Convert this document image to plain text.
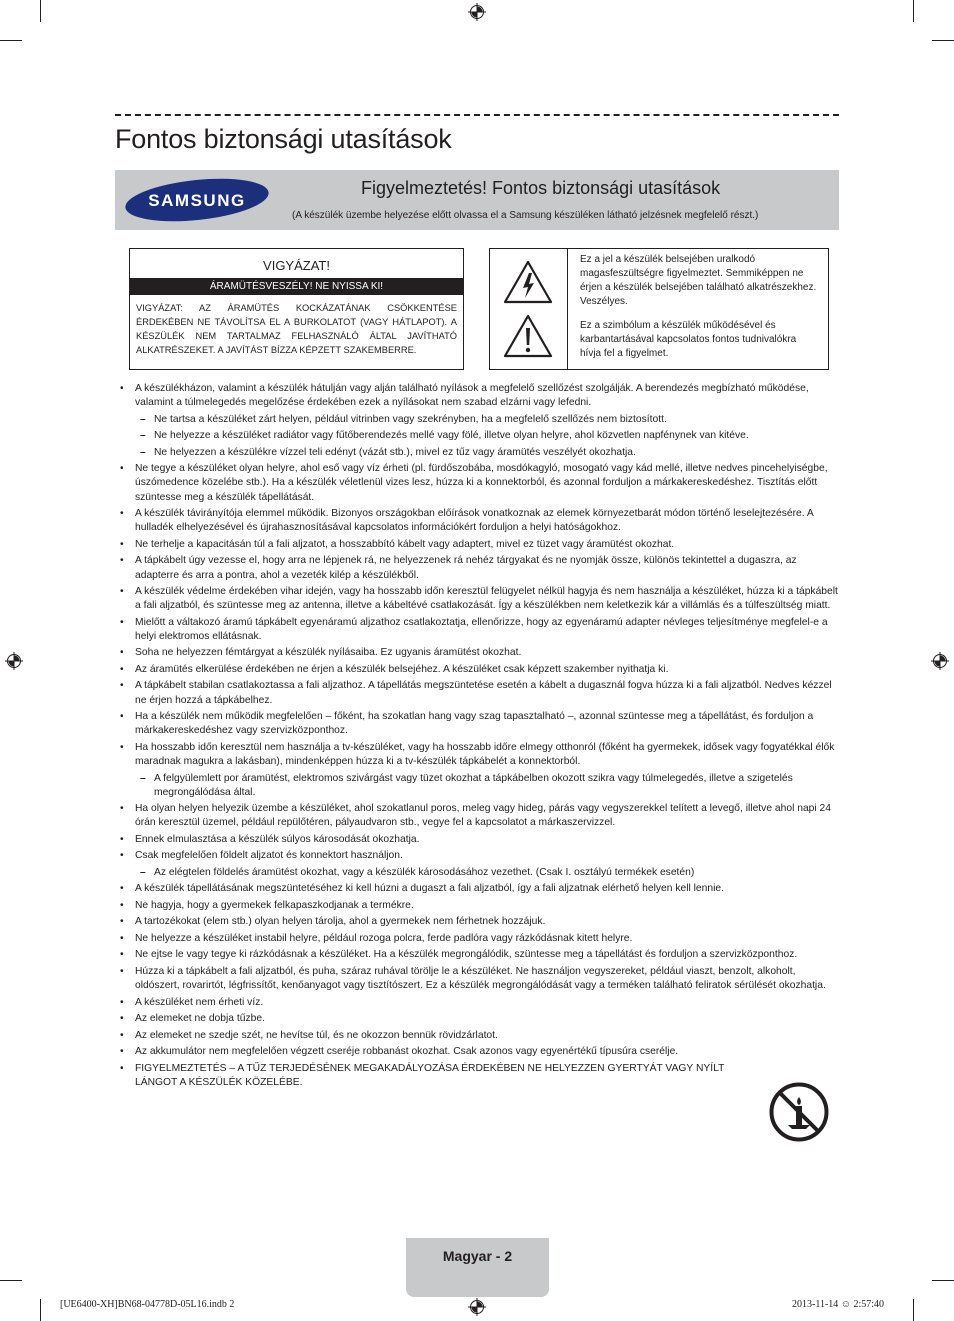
Fontos biztonsági utasítások
SAMSUNG
Figyelmeztetés! Fontos biztonsági utasítások
(A készülék üzembe helyezése előtt olvassa el a Samsung készüléken látható jelzésnek megfelelő részt.)
VIGYÁZAT!
ÁRAMÜTÉSVESZÉLY! NE NYISSA KI!
VIGYÁZAT: AZ ÁRAMÜTÉS KOCKÁZATÁNAK CSÖKKENTÉSE ÉRDEKÉBEN NE TÁVOLÍTSA EL A BURKOLATOT (VAGY HÁTLAPOT). A KÉSZÜLÉK NEM TARTALMAZ FELHASZNÁLÓ ÁLTAL JAVÍTHATÓ ALKATRÉSZEKET. A JAVÍTÁST BÍZZA KÉPZETT SZAKEMBERRE.
Ez a jel a készülék belsejében uralkodó magasfeszültségre figyelmeztet. Semmiképpen ne érjen a készülék belsejében található alkatrészekhez. Veszélyes.
Ez a szimbólum a készülék működésével és karbantartásával kapcsolatos fontos tudnivalókra hívja fel a figyelmet.
• A készülékházon, valamint a készülék hátulján vagy alján található nyílások a megfelelő szellőzést szolgálják. A berendezés megbízható működése, valamint a túlmelegedés megelőzése érdekében ezek a nyílásokat nem szabad elzárni vagy lefedni.
– Ne tartsa a készüléket zárt helyen, például vitrinben vagy szekrényben, ha a megfelelő szellőzés nem biztosított.
– Ne helyezze a készüléket radiátor vagy fűtőberendezés mellé vagy fölé, illetve olyan helyre, ahol közvetlen napfénynek van kitéve.
– Ne helyezzen a készülékre vízzel teli edényt (vázát stb.), mivel ez tűz vagy áramütés veszélyét okozhatja.
• Ne tegye a készüléket olyan helyre, ahol eső vagy víz érheti (pl. fürdőszobába, mosdókagyló, mosogató vagy kád mellé, illetve nedves pincehelyiségbe, úszómedence közelébe stb.). Ha a készülék véletlenül vizes lesz, húzza ki a konnektorból, és azonnal forduljon a márkakereskedéshez. Tisztítás előtt szüntesse meg a készülék tápellátását.
• A készülék távirányítója elemmel működik. Bizonyos országokban előírások vonatkoznak az elemek környezetbarát módon történő leselejtezésére. A hulladék elhelyezésével és újrahasznosításával kapcsolatos információkért forduljon a helyi hatóságokhoz.
• Ne terhelje a kapacitásán túl a fali aljzatot, a hosszabbító kábelt vagy adaptert, mivel ez tüzet vagy áramütést okozhat.
• A tápkábelt úgy vezesse el, hogy arra ne lépjenek rá, ne helyezzenek rá nehéz tárgyakat és ne nyomják össze, különös tekintettel a dugaszra, az adapterre és arra a pontra, ahol a vezeték kilép a készülékből.
• A készülék védelme érdekében vihar idején, vagy ha hosszabb időn keresztül felügyelet nélkül hagyja és nem használja a készüléket, húzza ki a tápkábelt a fali aljzatból, és szüntesse meg az antenna, illetve a kábeltévé csatlakozását. Így a készülékben nem keletkezik kár a villámlás és a túlfeszültség miatt.
• Mielőtt a váltakozó áramú tápkábelt egyenáramú aljzathoz csatlakoztatja, ellenőrizze, hogy az egyenáramú adapter névleges teljesítménye megfelel-e a helyi elektromos ellátásnak.
• Soha ne helyezzen fémtárgyat a készülék nyílásaiba. Ez ugyanis áramütést okozhat.
• Az áramütés elkerülése érdekében ne érjen a készülék belsejéhez. A készüléket csak képzett szakember nyithatja ki.
• A tápkábelt stabilan csatlakoztassa a fali aljzathoz. A tápellátás megszüntetése esetén a kábelt a dugasznál fogva húzza ki a fali aljzatból. Nedves kézzel ne érjen hozzá a tápkábelhez.
• Ha a készülék nem működik megfelelően – főként, ha szokatlan hang vagy szag tapasztalható –, azonnal szüntesse meg a tápellátást, és forduljon a márkakereskedéshez vagy szervizközponthoz.
• Ha hosszabb időn keresztül nem használja a tv-készüléket, vagy ha hosszabb időre elmegy otthonról (főként ha gyermekek, idősek vagy fogyatékkal élők maradnak magukra a lakásban), mindenképpen húzza ki a tv-készülék tápkábelét a konnektorból.
– A felgyülemlett por áramütést, elektromos szivárgást vagy tüzet okozhat a tápkábelben okozott szikra vagy túlmelegedés, illetve a szigetelés megrongálódása által.
• Ha olyan helyen helyezik üzembe a készüléket, ahol szokatlanul poros, meleg vagy hideg, párás vagy vegyszerekkel telített a levegő, illetve ahol napi 24 órán keresztül üzemel, például repülőtéren, pályaudvaron stb., vegye fel a kapcsolatot a márkaszervizzel.
• Ennek elmulasztása a készülék súlyos károsodását okozhatja.
• Csak megfelelően földelt aljzatot és konnektort használjon.
– Az elégtelen földelés áramütést okozhat, vagy a készülék károsodásához vezethet. (Csak I. osztályú termékek esetén)
• A készülék tápellátásának megszüntetéséhez ki kell húzni a dugaszt a fali aljzatból, így a fali aljzatnak elérhető helyen kell lennie.
• Ne hagyja, hogy a gyermekek felkapaszkodjanak a termékre.
• A tartozékokat (elem stb.) olyan helyen tárolja, ahol a gyermekek nem férhetnek hozzájuk.
• Ne helyezze a készüléket instabil helyre, például rozoga polcra, ferde padlóra vagy rázkódásnak kitett helyre.
• Ne ejtse le vagy tegye ki rázkódásnak a készüléket. Ha a készülék megrongálódik, szüntesse meg a tápellátást és forduljon a szervizközponthoz.
• Húzza ki a tápkábelt a fali aljzatból, és puha, száraz ruhával törölje le a készüléket. Ne használjon vegyszereket, például viaszt, benzolt, alkoholt, oldószert, rovarirtót, légfrissítőt, kenőanyagot vagy tisztítószert. Ez a készülék megrongálódását vagy a terméken található feliratok sérülését okozhatja.
• A készüléket nem érheti víz.
• Az elemeket ne dobja tűzbe.
• Az elemeket ne szedje szét, ne hevítse túl, és ne okozzon bennük rövidzárlatot.
• Az akkumulátor nem megfelelően végzett cseréje robbanást okozhat. Csak azonos vagy egyenértékű típusúra cserélje.
• FIGYELMEZTETÉS – A TŰZ TERJEDÉSÉNEK MEGAKADÁLYOZÁSA ÉRDEKÉBEN NE HELYEZZEN GYERTYÁT VAGY NYÍLT LÁNGOT A KÉSZÜLÉK KÖZELÉBE.
Magyar - 2
[UE6400-XH]BN68-04778D-05L16.indb 2	2013-11-14 ☺ 2:57:40
